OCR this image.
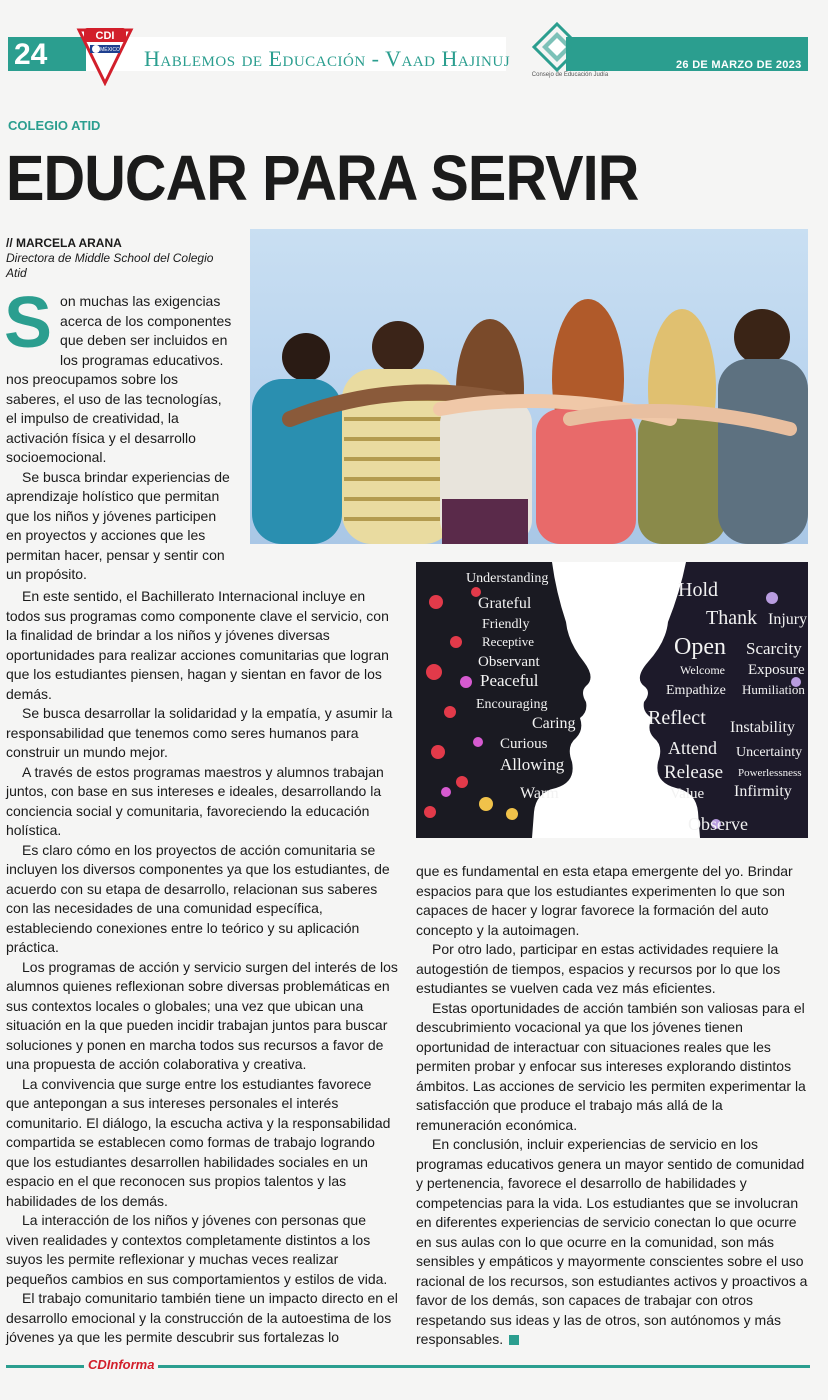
24
CDI
MÉXICO Hablemos de Educación - Vaad Hajinuj
Consejo de Educación Judía
26 DE MARZO DE 2023
COLEGIO ATID
EDUCAR PARA SERVIR
// MARCELA ARANA
Directora de Middle School del Colegio Atid
Understanding
Grateful
Friendly
Receptive
Observant
Peaceful
Encouraging
Caring
Curious
Allowing
Warm
Hold
Thank Injury
Open Scarcity
Welcome Exposure
Empathize Humiliation
Reflect Instability
Attend Uncertainty
Release Powerlessness
Value Infirmity
Observe

Son muchas las exigencias acerca de los componentes que deben ser incluidos en los programas educativos. nos preocupamos sobre los saberes, el uso de las tecnologías, el impulso de creatividad, la activación física y el desarrollo socioemocional.

Se busca brindar experiencias de aprendizaje holístico que permitan que los niños y jóvenes participen en proyectos y acciones que les permitan hacer, pensar y sentir con un propósito.

En este sentido, el Bachillerato Internacional incluye en todos sus programas como componente clave el servicio, con la finalidad de brindar a los niños y jóvenes diversas oportunidades para realizar acciones comunitarias que logran que los estudiantes piensen, hagan y sientan en favor de los demás.

Se busca desarrollar la solidaridad y la empatía, y asumir la responsabilidad que tenemos como seres humanos para construir un mundo mejor.

A través de estos programas maestros y alumnos trabajan juntos, con base en sus intereses e ideales, desarrollando la conciencia social y comunitaria, favoreciendo la educación holística.

Es claro cómo en los proyectos de acción comunitaria se incluyen los diversos componentes ya que los estudiantes, de acuerdo con su etapa de desarrollo, relacionan sus saberes con las necesidades de una comunidad específica, estableciendo conexiones entre lo teórico y su aplicación práctica.

Los programas de acción y servicio surgen del interés de los alumnos quienes reflexionan sobre diversas problemáticas en sus contextos locales o globales; una vez que ubican una situación en la que pueden incidir trabajan juntos para buscar soluciones y ponen en marcha todos sus recursos a favor de una propuesta de acción colaborativa y creativa.

La convivencia que surge entre los estudiantes favorece que antepongan a sus intereses personales el interés comunitario. El diálogo, la escucha activa y la responsabilidad compartida se establecen como formas de trabajo logrando que los estudiantes desarrollen habilidades sociales en un espacio en el que reconocen sus propios talentos y las habilidades de los demás.

La interacción de los niños y jóvenes con personas que viven realidades y contextos completamente distintos a los suyos les permite reflexionar y muchas veces realizar pequeños cambios en sus comportamientos y estilos de vida.

El trabajo comunitario también tiene un impacto directo en el desarrollo emocional y la construcción de la autoestima de los jóvenes ya que les permite descubrir sus fortalezas lo

que es fundamental en esta etapa emergente del yo. Brindar espacios para que los estudiantes experimenten lo que son capaces de hacer y lograr favorece la formación del auto concepto y la autoimagen.

Por otro lado, participar en estas actividades requiere la autogestión de tiempos, espacios y recursos por lo que los estudiantes se vuelven cada vez más eficientes.

Estas oportunidades de acción también son valiosas para el descubrimiento vocacional ya que los jóvenes tienen oportunidad de interactuar con situaciones reales que les permiten probar y enfocar sus intereses explorando distintos ámbitos. Las acciones de servicio les permiten experimentar la satisfacción que produce el trabajo más allá de la remuneración económica.

En conclusión, incluir experiencias de servicio en los programas educativos genera un mayor sentido de comunidad y pertenencia, favorece el desarrollo de habilidades y competencias para la vida. Los estudiantes que se involucran en diferentes experiencias de servicio conectan lo que ocurre en sus aulas con lo que ocurre en la comunidad, son más sensibles y empáticos y mayormente conscientes sobre el uso racional de los recursos, son estudiantes activos y proactivos a favor de los demás, son capaces de trabajar con otros respetando sus ideas y las de otros, son autónomos y más responsables.

CDInforma
